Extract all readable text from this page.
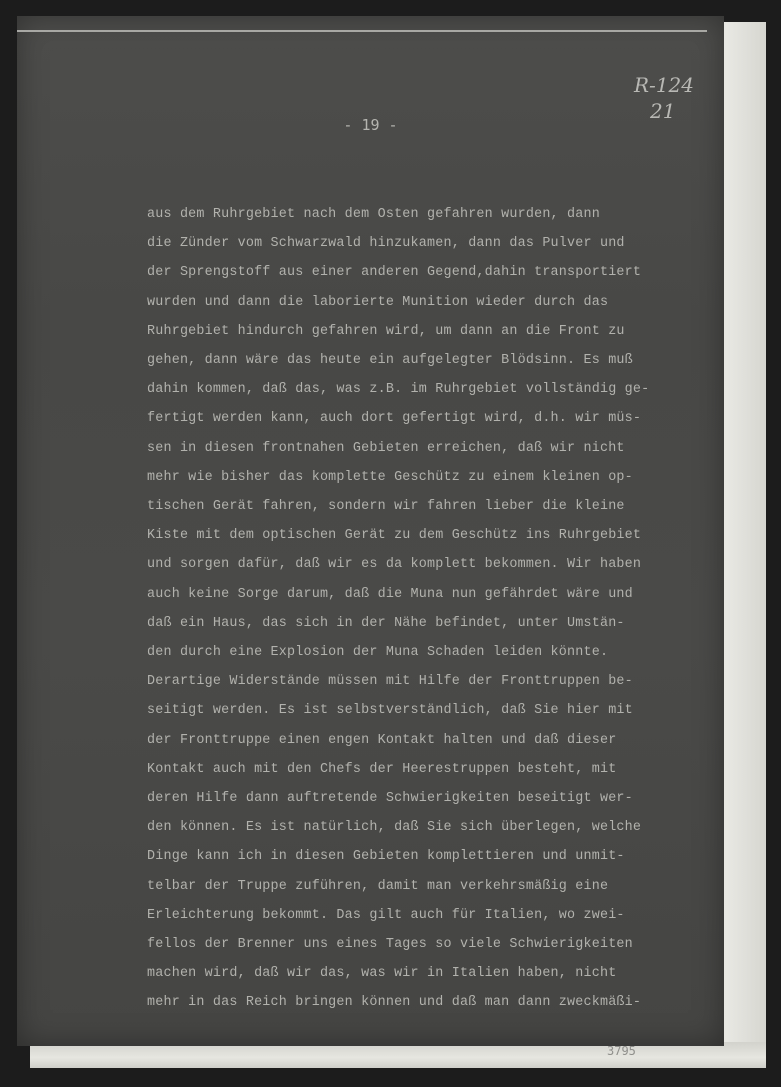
R-124
21
- 19 -
aus dem Ruhrgebiet nach dem Osten gefahren wurden, dann
die Zünder vom Schwarzwald hinzukamen, dann das Pulver und
der Sprengstoff aus einer anderen Gegend,dahin transportiert
wurden und dann die laborierte Munition wieder durch das
Ruhrgebiet hindurch gefahren wird, um dann an die Front zu
gehen, dann wäre das heute ein aufgelegter Blödsinn. Es muß
dahin kommen, daß das, was z.B. im Ruhrgebiet vollständig ge-
fertigt werden kann, auch dort gefertigt wird, d.h. wir müs-
sen in diesen frontnahen Gebieten erreichen, daß wir nicht
mehr wie bisher das komplette Geschütz zu einem kleinen op-
tischen Gerät fahren, sondern wir fahren lieber die kleine
Kiste mit dem optischen Gerät zu dem Geschütz ins Ruhrgebiet
und sorgen dafür, daß wir es da komplett bekommen. Wir haben
auch keine Sorge darum, daß die Muna nun gefährdet wäre und
daß ein Haus, das sich in der Nähe befindet, unter Umstän-
den durch eine Explosion der Muna Schaden leiden könnte.
Derartige Widerstände müssen mit Hilfe der Fronttruppen be-
seitigt werden. Es ist selbstverständlich, daß Sie hier mit
der Fronttruppe einen engen Kontakt halten und daß dieser
Kontakt auch mit den Chefs der Heerestruppen besteht, mit
deren Hilfe dann auftretende Schwierigkeiten beseitigt wer-
den können. Es ist natürlich, daß Sie sich überlegen, welche
Dinge kann ich in diesen Gebieten komplettieren und unmit-
telbar der Truppe zuführen, damit man verkehrsmäßig eine
Erleichterung bekommt. Das gilt auch für Italien, wo zwei-
fellos der Brenner uns eines Tages so viele Schwierigkeiten
machen wird, daß wir das, was wir in Italien haben, nicht
mehr in das Reich bringen können und daß man dann zweckmäßi-
3795
